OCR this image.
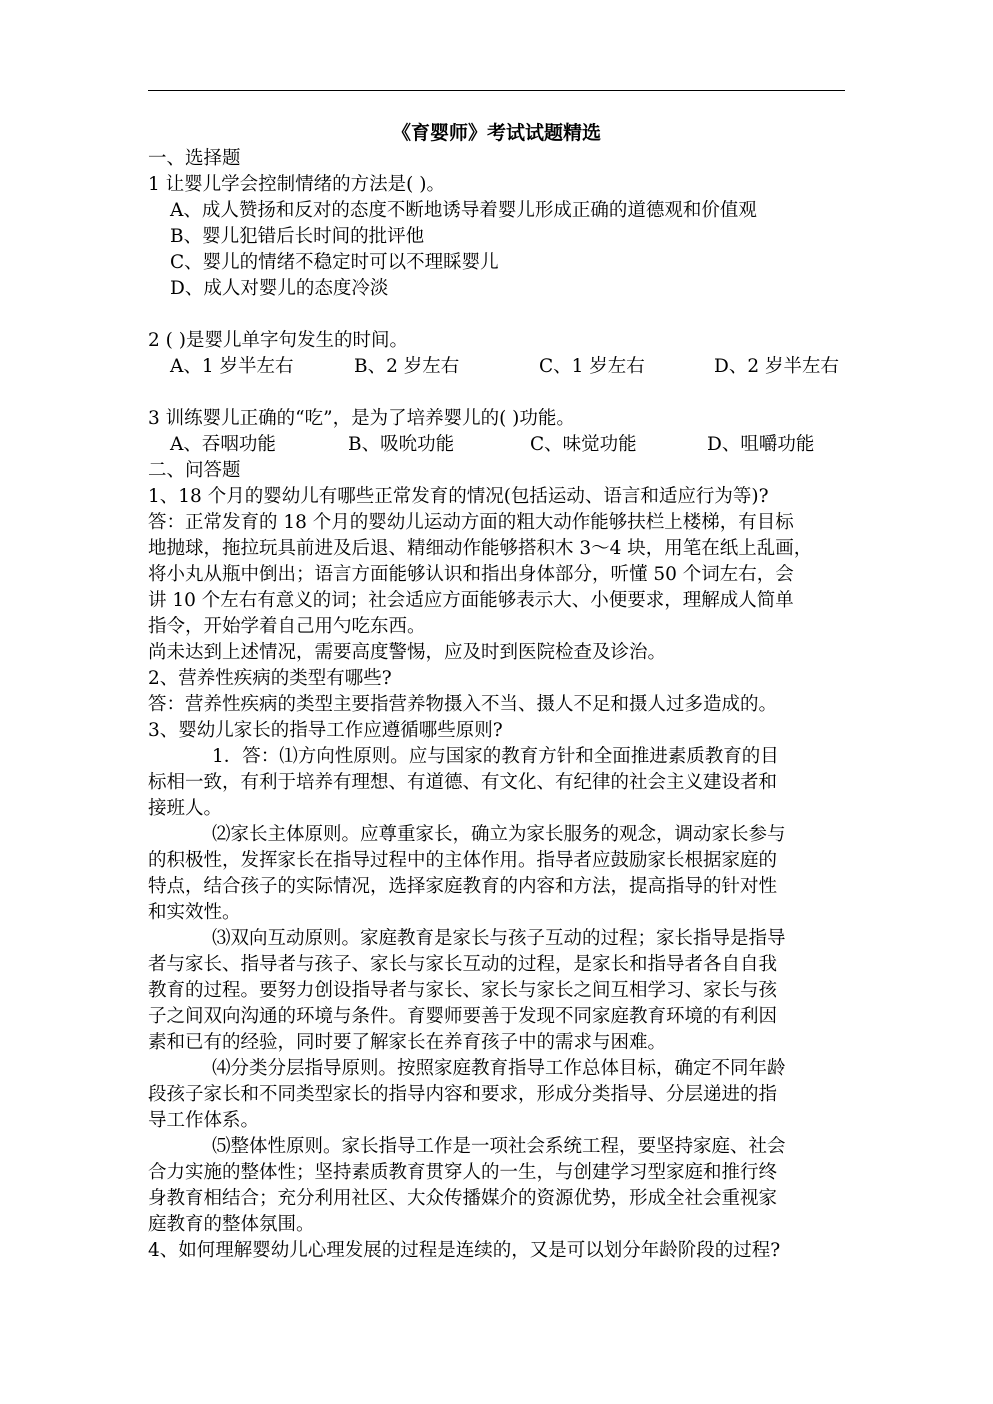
《育婴师》考试试题精选
一、选择题
1 让婴儿学会控制情绪的方法是( )。
A、成人赞扬和反对的态度不断地诱导着婴儿形成正确的道德观和价值观
B、婴儿犯错后长时间的批评他
C、婴儿的情绪不稳定时可以不理睬婴儿
D、成人对婴儿的态度冷淡
2 ( )是婴儿单字句发生的时间。
A、1 岁半左右	B、2 岁左右	C、1 岁左右	D、2 岁半左右
3 训练婴儿正确的“吃”，是为了培养婴儿的( )功能。
A、吞咽功能	B、吸吮功能	C、味觉功能	D、咀嚼功能
二、问答题
1、18 个月的婴幼儿有哪些正常发育的情况(包括运动、语言和适应行为等)?
答：正常发育的 18 个月的婴幼儿运动方面的粗大动作能够扶栏上楼梯，有目标
地抛球，拖拉玩具前进及后退、精细动作能够搭积木 3～4 块，用笔在纸上乱画，
将小丸从瓶中倒出；语言方面能够认识和指出身体部分，听懂 50 个词左右，会
讲 10 个左右有意义的词；社会适应方面能够表示大、小便要求，理解成人简单
指令，开始学着自己用勺吃东西。
尚未达到上述情况，需要高度警惕，应及时到医院检查及诊治。
2、营养性疾病的类型有哪些?
答：营养性疾病的类型主要指营养物摄入不当、摄人不足和摄人过多造成的。
3、婴幼儿家长的指导工作应遵循哪些原则?
1．答：⑴方向性原则。应与国家的教育方针和全面推进素质教育的目
标相一致，有利于培养有理想、有道德、有文化、有纪律的社会主义建设者和
接班人。
⑵家长主体原则。应尊重家长，确立为家长服务的观念，调动家长参与
的积极性，发挥家长在指导过程中的主体作用。指导者应鼓励家长根据家庭的
特点，结合孩子的实际情况，选择家庭教育的内容和方法，提高指导的针对性
和实效性。
⑶双向互动原则。家庭教育是家长与孩子互动的过程；家长指导是指导
者与家长、指导者与孩子、家长与家长互动的过程，是家长和指导者各自自我
教育的过程。要努力创设指导者与家长、家长与家长之间互相学习、家长与孩
子之间双向沟通的环境与条件。育婴师要善于发现不同家庭教育环境的有利因
素和已有的经验，同时要了解家长在养育孩子中的需求与困难。
⑷分类分层指导原则。按照家庭教育指导工作总体目标，确定不同年龄
段孩子家长和不同类型家长的指导内容和要求，形成分类指导、分层递进的指
导工作体系。
⑸整体性原则。家长指导工作是一项社会系统工程，要坚持家庭、社会
合力实施的整体性；坚持素质教育贯穿人的一生，与创建学习型家庭和推行终
身教育相结合；充分利用社区、大众传播媒介的资源优势，形成全社会重视家
庭教育的整体氛围。
4、如何理解婴幼儿心理发展的过程是连续的，又是可以划分年龄阶段的过程?
